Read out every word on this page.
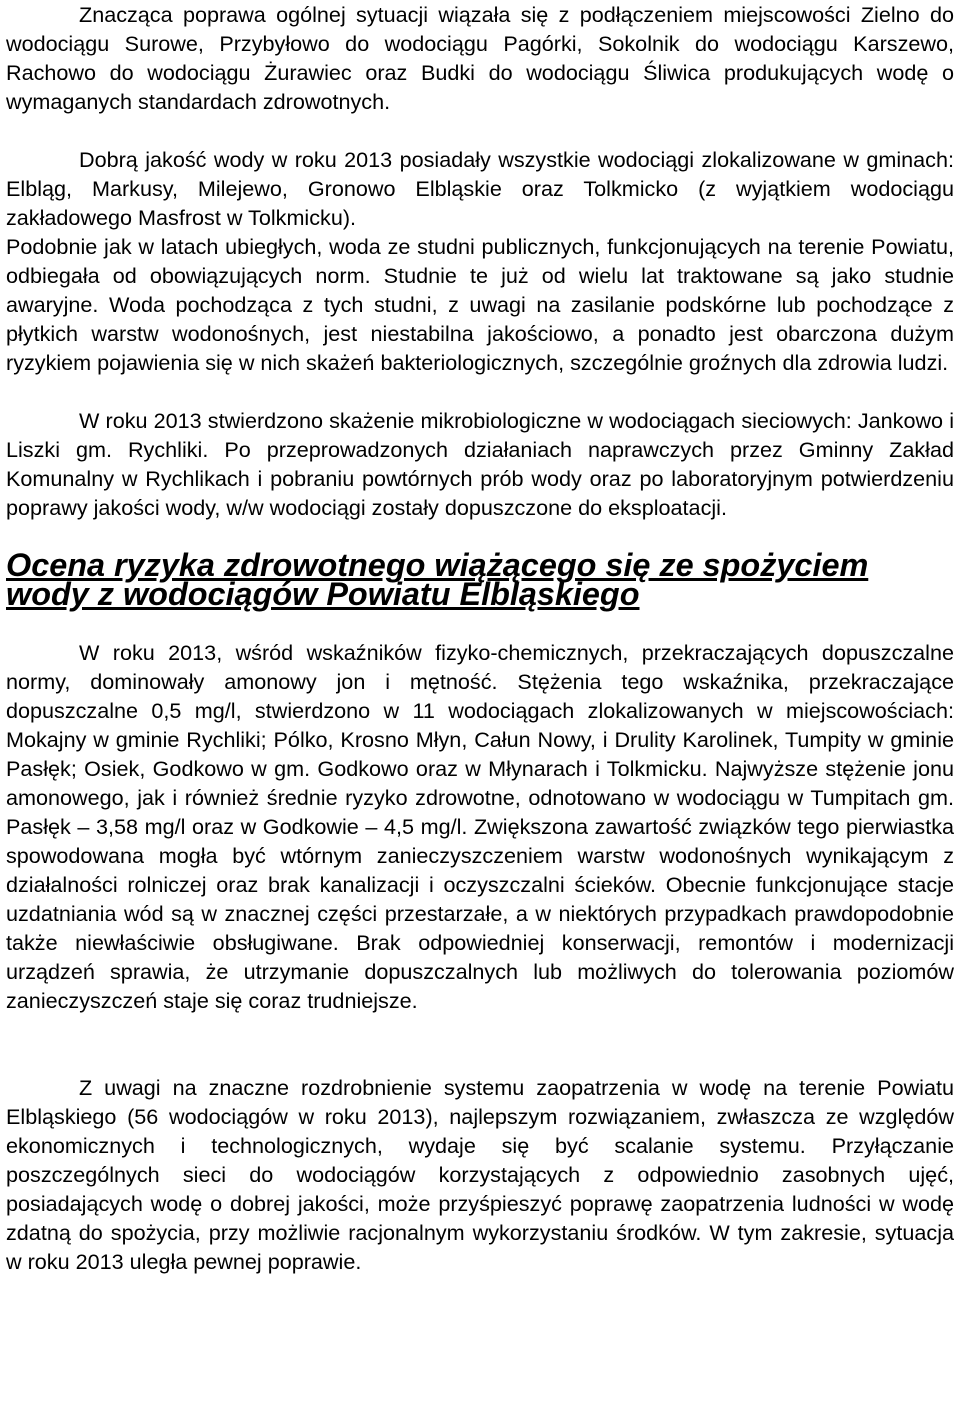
Znacząca poprawa ogólnej sytuacji wiązała się z podłączeniem miejscowości Zielno do wodociągu Surowe, Przybyłowo do wodociągu Pagórki, Sokolnik do wodociągu Karszewo, Rachowo do wodociągu Żurawiec oraz Budki do wodociągu Śliwica produkujących wodę o wymaganych standardach zdrowotnych.

Dobrą jakość wody w roku 2013 posiadały wszystkie wodociągi zlokalizowane w gminach: Elbląg, Markusy, Milejewo, Gronowo Elbląskie oraz Tolkmicko (z wyjątkiem wodociągu zakładowego Masfrost w Tolkmicku).

Podobnie jak w latach ubiegłych, woda ze studni publicznych, funkcjonujących na terenie Powiatu, odbiegała od obowiązujących norm. Studnie te już od wielu lat traktowane są jako studnie awaryjne. Woda pochodząca z tych studni, z uwagi na zasilanie podskórne lub pochodzące z płytkich warstw wodonośnych, jest niestabilna jakościowo, a ponadto jest obarczona dużym ryzykiem pojawienia się w nich skażeń bakteriologicznych, szczególnie groźnych dla zdrowia ludzi.

W roku 2013 stwierdzono skażenie mikrobiologiczne w wodociągach sieciowych: Jankowo i Liszki gm. Rychliki. Po przeprowadzonych działaniach naprawczych przez Gminny Zakład Komunalny w Rychlikach i pobraniu powtórnych prób wody oraz po laboratoryjnym potwierdzeniu poprawy jakości wody, w/w wodociągi zostały dopuszczone do eksploatacji.

Ocena ryzyka zdrowotnego wiążącego się ze spożyciem wody z wodociągów Powiatu Elbląskiego

W roku 2013, wśród wskaźników fizyko-chemicznych, przekraczających dopuszczalne normy, dominowały amonowy jon i mętność. Stężenia tego wskaźnika, przekraczające dopuszczalne 0,5 mg/l, stwierdzono w 11 wodociągach zlokalizowanych w miejscowościach: Mokajny w gminie Rychliki; Pólko, Krosno Młyn, Całun Nowy, i Drulity Karolinek, Tumpity w gminie Pasłęk; Osiek, Godkowo w gm. Godkowo oraz w Młynarach i Tolkmicku. Najwyższe stężenie jonu amonowego, jak i również średnie ryzyko zdrowotne, odnotowano w wodociągu w Tumpitach gm. Pasłęk – 3,58 mg/l oraz w Godkowie – 4,5 mg/l. Zwiększona zawartość związków tego pierwiastka spowodowana mogła być wtórnym zanieczyszczeniem warstw wodonośnych wynikającym z działalności rolniczej oraz brak kanalizacji i oczyszczalni ścieków. Obecnie funkcjonujące stacje uzdatniania wód są w znacznej części przestarzałe, a w niektórych przypadkach prawdopodobnie także niewłaściwie obsługiwane. Brak odpowiedniej konserwacji, remontów i modernizacji urządzeń sprawia, że utrzymanie dopuszczalnych lub możliwych do tolerowania poziomów zanieczyszczeń staje się coraz trudniejsze.

Z uwagi na znaczne rozdrobnienie systemu zaopatrzenia w wodę na terenie Powiatu Elbląskiego (56 wodociągów w roku 2013), najlepszym rozwiązaniem, zwłaszcza ze względów ekonomicznych i technologicznych, wydaje się być scalanie systemu. Przyłączanie poszczególnych sieci do wodociągów korzystających z odpowiednio zasobnych ujęć, posiadających wodę o dobrej jakości, może przyśpieszyć poprawę zaopatrzenia ludności w wodę zdatną do spożycia, przy możliwie racjonalnym wykorzystaniu środków. W tym zakresie, sytuacja w roku 2013 uległa pewnej poprawie.
